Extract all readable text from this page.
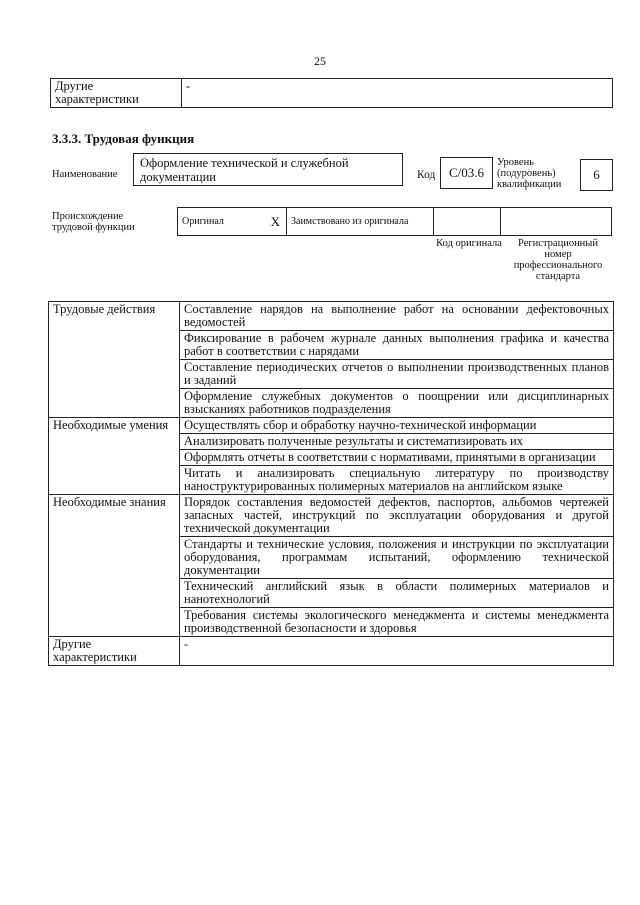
25
Другие характеристики	-
3.3.3. Трудовая функция
Наименование
Оформление технической и служебной документации	Код	C/03.6
Уровень (подуровень) квалификации
6
Происхождение трудовой функции
Оригинал	X	Заимствовано из оригинала		
Код оригинала	Регистрационный номер профессионального стандарта
Трудовые действия	Составление нарядов на выполнение работ на основании дефектовочных ведомостей
	Фиксирование в рабочем журнале данных выполнения графика и качества работ в соответствии с нарядами
	Составление периодических отчетов о выполнении производственных планов и заданий
	Оформление служебных документов о поощрении или дисциплинарных взысканиях работников подразделения
Необходимые умения	Осуществлять сбор и обработку научно-технической информации
	Анализировать полученные результаты и систематизировать их
	Оформлять отчеты в соответствии с нормативами, принятыми в организации
	Читать и анализировать специальную литературу по производству наноструктурированных полимерных материалов на английском языке
Необходимые знания	Порядок составления ведомостей дефектов, паспортов, альбомов чертежей запасных частей, инструкций по эксплуатации оборудования и другой технической документации
	Стандарты и технические условия, положения и инструкции по эксплуатации оборудования, программам испытаний, оформлению технической документации
	Технический английский язык в области полимерных материалов и нанотехнологий
	Требования системы экологического менеджмента и системы менеджмента производственной безопасности и здоровья
Другие характеристики	-
